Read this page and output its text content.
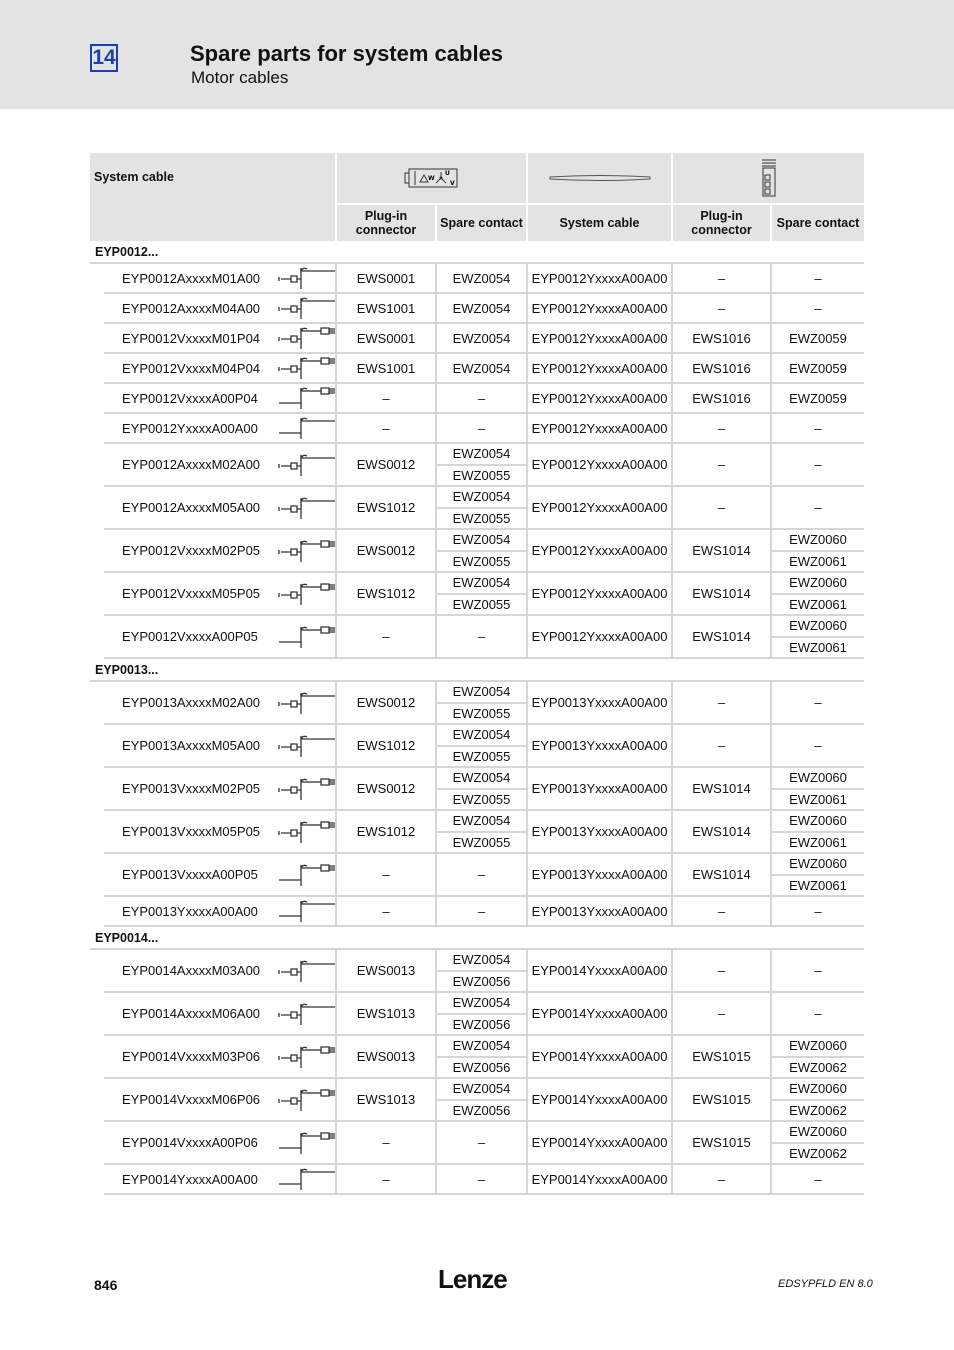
14	Spare parts for system cables
Motor cables
System cable			W
U
V

			Plug-in connector	Spare contact	System cable	Plug-in connector	Spare contact
EYP0012...							
	EYP0012AxxxxM01A00		EWS0001	EWZ0054	EYP0012YxxxxA00A00	–	–
	EYP0012AxxxxM04A00		EWS1001	EWZ0054	EYP0012YxxxxA00A00	–	–
	EYP0012VxxxxM01P04		EWS0001	EWZ0054	EYP0012YxxxxA00A00	EWS1016	EWZ0059
	EYP0012VxxxxM04P04		EWS1001	EWZ0054	EYP0012YxxxxA00A00	EWS1016	EWZ0059
	EYP0012VxxxxA00P04		–	–	EYP0012YxxxxA00A00	EWS1016	EWZ0059
	EYP0012YxxxxA00A00		–	–	EYP0012YxxxxA00A00	–	–
	EYP0012AxxxxM02A00		EWS0012	EWZ0054	EYP0012YxxxxA00A00	–	–
				EWZ0055			
	EYP0012AxxxxM05A00		EWS1012	EWZ0054	EYP0012YxxxxA00A00	–	–
				EWZ0055			
	EYP0012VxxxxM02P05		EWS0012	EWZ0054	EYP0012YxxxxA00A00	EWS1014	EWZ0060
				EWZ0055			EWZ0061
	EYP0012VxxxxM05P05		EWS1012	EWZ0054	EYP0012YxxxxA00A00	EWS1014	EWZ0060
				EWZ0055			EWZ0061
	EYP0012VxxxxA00P05		–	–	EYP0012YxxxxA00A00	EWS1014	EWZ0060
							EWZ0061
EYP0013...							
	EYP0013AxxxxM02A00		EWS0012	EWZ0054	EYP0013YxxxxA00A00	–	–
				EWZ0055			
	EYP0013AxxxxM05A00		EWS1012	EWZ0054	EYP0013YxxxxA00A00	–	–
				EWZ0055			
	EYP0013VxxxxM02P05		EWS0012	EWZ0054	EYP0013YxxxxA00A00	EWS1014	EWZ0060
				EWZ0055			EWZ0061
	EYP0013VxxxxM05P05		EWS1012	EWZ0054	EYP0013YxxxxA00A00	EWS1014	EWZ0060
				EWZ0055			EWZ0061
	EYP0013VxxxxA00P05		–	–	EYP0013YxxxxA00A00	EWS1014	EWZ0060
							EWZ0061
	EYP0013YxxxxA00A00		–	–	EYP0013YxxxxA00A00	–	–
EYP0014...							
	EYP0014AxxxxM03A00		EWS0013	EWZ0054	EYP0014YxxxxA00A00	–	–
				EWZ0056			
	EYP0014AxxxxM06A00		EWS1013	EWZ0054	EYP0014YxxxxA00A00	–	–
				EWZ0056			
	EYP0014VxxxxM03P06		EWS0013	EWZ0054	EYP0014YxxxxA00A00	EWS1015	EWZ0060
				EWZ0056			EWZ0062
	EYP0014VxxxxM06P06		EWS1013	EWZ0054	EYP0014YxxxxA00A00	EWS1015	EWZ0060
				EWZ0056			EWZ0062
	EYP0014VxxxxA00P06		–	–	EYP0014YxxxxA00A00	EWS1015	EWZ0060
							EWZ0062
	EYP0014YxxxxA00A00		–	–	EYP0014YxxxxA00A00	–	–
846	Lenze	EDSYPFLD EN 8.0
